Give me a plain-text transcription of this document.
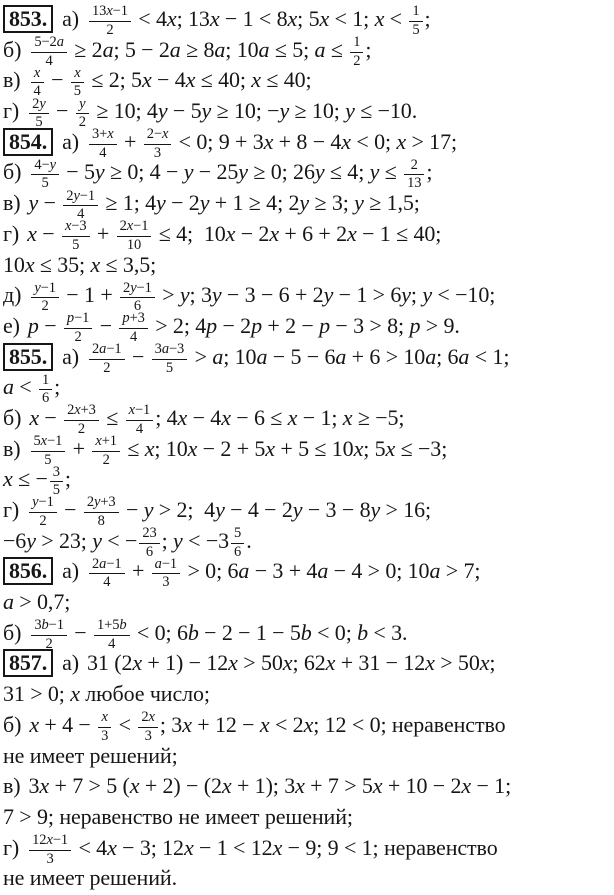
853. $а) \frac{13x-1}{2} < 4x$; 13x − 1 < 8x; 5x < 1; $x < \frac{1}{5}$ ;
$б) \frac{5-2a}{4} \ge 2a$; 5 − 2a ≥ 8a; 10a ≤ 5; $a \le \frac{1}{2}$ ;
$в) \frac{x}{4} - \frac{x}{5} \le 2$; 5x − 4x ≤ 40; x ≤ 40;
$г) \frac{2y}{5} - \frac{y}{2} \ge 10$; 4y − 5y ≥ 10; −y ≥ 10; y ≤ −10.
854. $а) \frac{3+x}{4} + \frac{2-x}{3} < 0$; 9 + 3x + 8 − 4x < 0; x > 17;
$б) \frac{4-y}{5} - 5y \ge 0$; 4 − y − 25y ≥ 0; 26y ≤ 4; $y \le \frac{2}{13}$ ;
в) $y - \frac{2y-1}{4} \ge 1$; 4y − 2y + 1 ≥ 4; 2y ≥ 3; y ≥ 1,5;
г) $x - \frac{x-3}{5} + \frac{2x-1}{10} \le 4$;  10x − 2x + 6 + 2x − 1 ≤ 40;
10x ≤ 35; x ≤ 3,5;
$д) \frac{y-1}{2} - 1 + \frac{2y-1}{6} > y$; 3y − 3 − 6 + 2y − 1 > 6y; y < −10;
е) $p - \frac{p-1}{2} - \frac{p+3}{4} > 2$; 4p − 2p + 2 − p − 3 > 8; p > 9.
855. $а) \frac{2a-1}{2} - \frac{3a-3}{5} > a$; 10a − 5 − 6a + 6 > 10a; 6a < 1;
$a < \frac{1}{6}$ ;
б) $x - \frac{2x+3}{2} \le \frac{x-1}{4}$ ; 4x − 4x − 6 ≤ x − 1; x ≥ −5;
$в) \frac{5x-1}{5} + \frac{x+1}{2} \le x$; 10x − 2 + 5x + 5 ≤ 10x; 5x ≤ −3;
x ≤ − $\frac{3}{5}$ ;
$г) \frac{y-1}{2} - \frac{2y+3}{8} - y > 2$;  4y − 4 − 2y − 3 − 8y > 16;
−6y > 23; y < − $\frac{23}{6}$ ; $y < -3 \frac{5}{6}$ .
856. $а) \frac{2a-1}{4} + \frac{a-1}{3} > 0$; 6a − 3 + 4a − 4 > 0; 10a > 7;
a > 0,7;
$б) \frac{3b-1}{2} - \frac{1+5b}{4} < 0$; 6b − 2 − 1 − 5b < 0; b < 3.
857. а) 31 (2x + 1) − 12x > 50x; 62x + 31 − 12x > 50x;
31 > 0; x любое число;
б) $x + 4 - \frac{x}{3} < \frac{2x}{3}$ ; 3x + 12 − x < 2x; 12 < 0; неравенство
не имеет решений;
в) 3x + 7 > 5 (x + 2) − (2x + 1); 3x + 7 > 5x + 10 − 2x − 1;
7 > 9; неравенство не имеет решений;
$г) \frac{12x-1}{3} < 4x - 3$; 12x − 1 < 12x − 9; 9 < 1; неравенство
не имеет решений.
